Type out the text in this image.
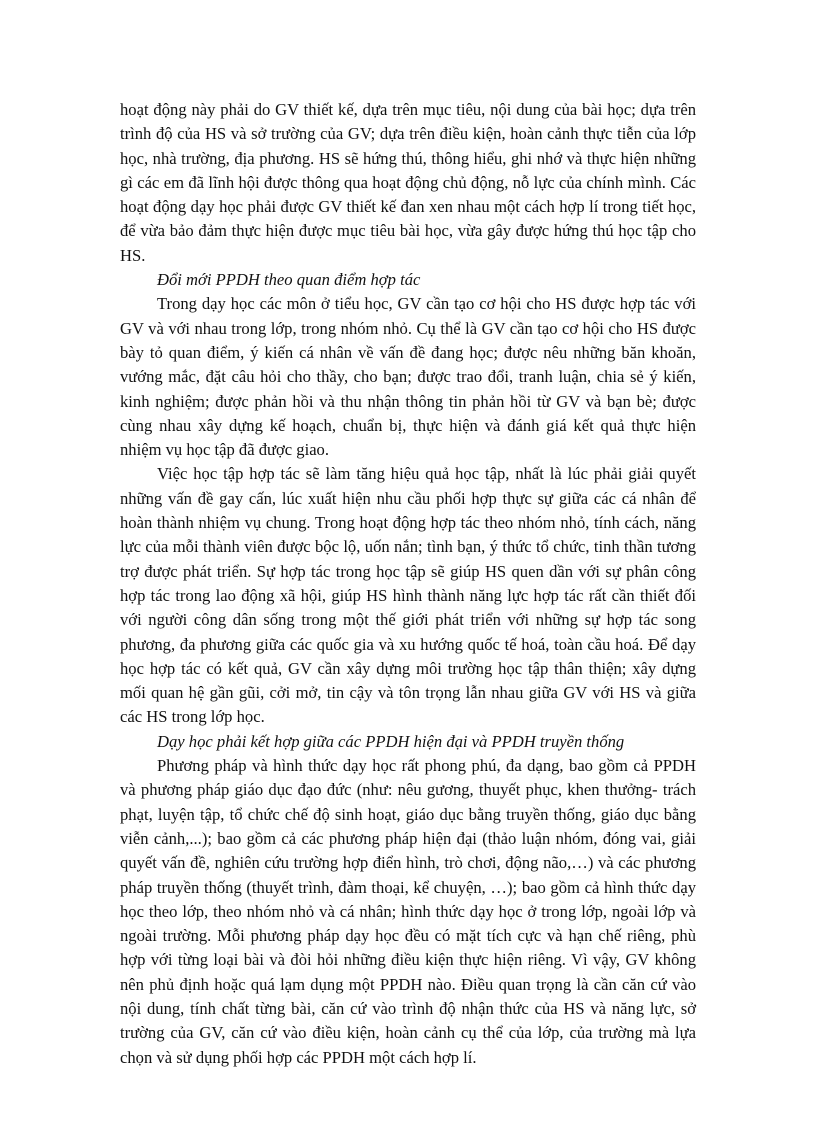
hoạt động này phải do GV thiết kế, dựa trên mục tiêu, nội dung của bài học; dựa trên trình độ của HS và sở trường của GV; dựa trên điều kiện, hoàn cảnh thực tiễn của lớp học, nhà trường, địa phương. HS sẽ hứng thú, thông hiểu, ghi nhớ và thực hiện những gì các em đã lĩnh hội được thông qua hoạt động chủ động, nỗ lực của chính mình. Các hoạt động dạy học phải được GV thiết kế đan xen nhau một cách hợp lí trong tiết học, để vừa bảo đảm thực hiện được mục tiêu bài học, vừa gây được hứng thú học tập cho HS.

Đổi mới PPDH theo quan điểm hợp tác

Trong dạy học các môn ở tiểu học, GV cần tạo cơ hội cho HS được hợp tác với GV và với nhau trong lớp, trong nhóm nhỏ. Cụ thể là GV cần tạo cơ hội cho HS được bày tỏ quan điểm, ý kiến cá nhân về vấn đề đang học; được nêu những băn khoăn, vướng mắc, đặt câu hỏi cho thầy, cho bạn; được trao đổi, tranh luận, chia sẻ ý kiến, kinh nghiệm; được phản hồi và thu nhận thông tin phản hồi từ GV và bạn bè; được cùng nhau xây dựng kế hoạch, chuẩn bị, thực hiện và đánh giá kết quả thực hiện nhiệm vụ học tập đã được giao.

Việc học tập hợp tác sẽ làm tăng hiệu quả học tập, nhất là lúc phải giải quyết những vấn đề gay cấn, lúc xuất hiện nhu cầu phối hợp thực sự giữa các cá nhân để hoàn thành nhiệm vụ chung. Trong hoạt động hợp tác theo nhóm nhỏ, tính cách, năng lực của mỗi thành viên được bộc lộ, uốn nắn; tình bạn, ý thức tổ chức, tinh thần tương trợ được phát triển. Sự hợp tác trong học tập sẽ giúp HS quen dần với sự phân công hợp tác trong lao động xã hội, giúp HS hình thành năng lực hợp tác rất cần thiết đối với người công dân sống trong một thế giới phát triển với những sự hợp tác song phương, đa phương giữa các quốc gia và xu hướng quốc tế hoá, toàn cầu hoá. Để dạy học hợp tác có kết quả, GV cần xây dựng môi trường học tập thân thiện; xây dựng mối quan hệ gần gũi, cởi mở, tin cậy và tôn trọng lẫn nhau giữa GV với HS và giữa các HS trong lớp học.

Dạy học phải kết hợp giữa các PPDH hiện đại và PPDH truyền thống

Phương pháp và hình thức dạy học rất phong phú, đa dạng, bao gồm cả PPDH và phương pháp giáo dục đạo đức (như: nêu gương, thuyết phục, khen thưởng- trách phạt, luyện tập, tổ chức chế độ sinh hoạt, giáo dục bằng truyền thống, giáo dục bằng viễn cảnh,...); bao gồm cả các phương pháp hiện đại (thảo luận nhóm, đóng vai, giải quyết vấn đề, nghiên cứu trường hợp điển hình, trò chơi, động não,…) và các phương pháp truyền thống (thuyết trình, đàm thoại, kể chuyện, …); bao gồm cả hình thức dạy học theo lớp, theo nhóm nhỏ và cá nhân; hình thức dạy học ở trong lớp, ngoài lớp và ngoài trường. Mỗi phương pháp dạy học đều có mặt tích cực và hạn chế riêng, phù hợp với từng loại bài và đòi hỏi những điều kiện thực hiện riêng. Vì vậy, GV không nên phủ định hoặc quá lạm dụng một PPDH nào. Điều quan trọng là cần căn cứ vào nội dung, tính chất từng bài, căn cứ vào trình độ nhận thức của HS và năng lực, sở trường của GV, căn cứ vào điều kiện, hoàn cảnh cụ thể của lớp, của trường mà lựa chọn và sử dụng phối hợp các PPDH một cách hợp lí.
